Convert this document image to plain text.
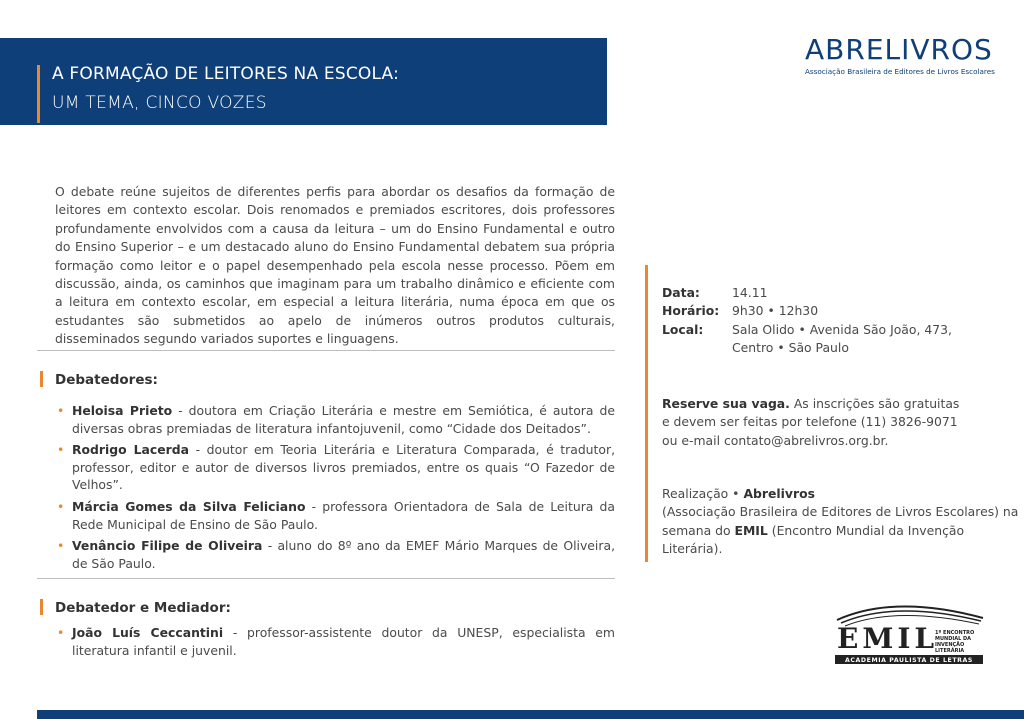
A FORMAÇÃO DE LEITORES NA ESCOLA:
UM TEMA, CINCO VOZES
ABRELIVROS
Associação Brasileira de Editores de Livros Escolares
O debate reúne sujeitos de diferentes perfis para abordar os desafios da formação de leitores em contexto escolar. Dois renomados e premiados escritores, dois professores profundamente envolvidos com a causa da leitura – um do Ensino Fundamental e outro do Ensino Superior – e um destacado aluno do Ensino Fundamental debatem sua própria formação como leitor e o papel desempenhado pela escola nesse processo. Põem em discussão, ainda, os caminhos que imaginam para um trabalho dinâmico e eficiente com a leitura em contexto escolar, em especial a leitura literária, numa época em que os estudantes são submetidos ao apelo de inúmeros outros produtos culturais, disseminados segundo variados suportes e linguagens.
Debatedores:
• Heloisa Prieto - doutora em Criação Literária e mestre em Semiótica, é autora de diversas obras premiadas de literatura infantojuvenil, como “Cidade dos Deitados”.
• Rodrigo Lacerda - doutor em Teoria Literária e Literatura Comparada, é tradutor, professor, editor e autor de diversos livros premiados, entre os quais “O Fazedor de Velhos”.
• Márcia Gomes da Silva Feliciano - professora Orientadora de Sala de Leitura da Rede Municipal de Ensino de São Paulo.
• Venâncio Filipe de Oliveira - aluno do 8º ano da EMEF Mário Marques de Oliveira, de São Paulo.
Debatedor e Mediador:
• João Luís Ceccantini - professor-assistente doutor da UNESP, especialista em literatura infantil e juvenil.
Data:	14.11
Horário:	9h30 • 12h30
Local:	Sala Olido • Avenida São João, 473,
Centro • São Paulo
Reserve sua vaga. As inscrições são gratuitas
e devem ser feitas por telefone (11) 3826-9071
ou e-mail contato@abrelivros.org.br.
Realização • Abrelivros
(Associação Brasileira de Editores de Livros Escolares) na
semana do EMIL (Encontro Mundial da Invenção Literária).
EMIL
1º ENCONTRO
MUNDIAL DA
INVENÇÃO
LITERÁRIA
ACADEMIA PAULISTA DE LETRAS
